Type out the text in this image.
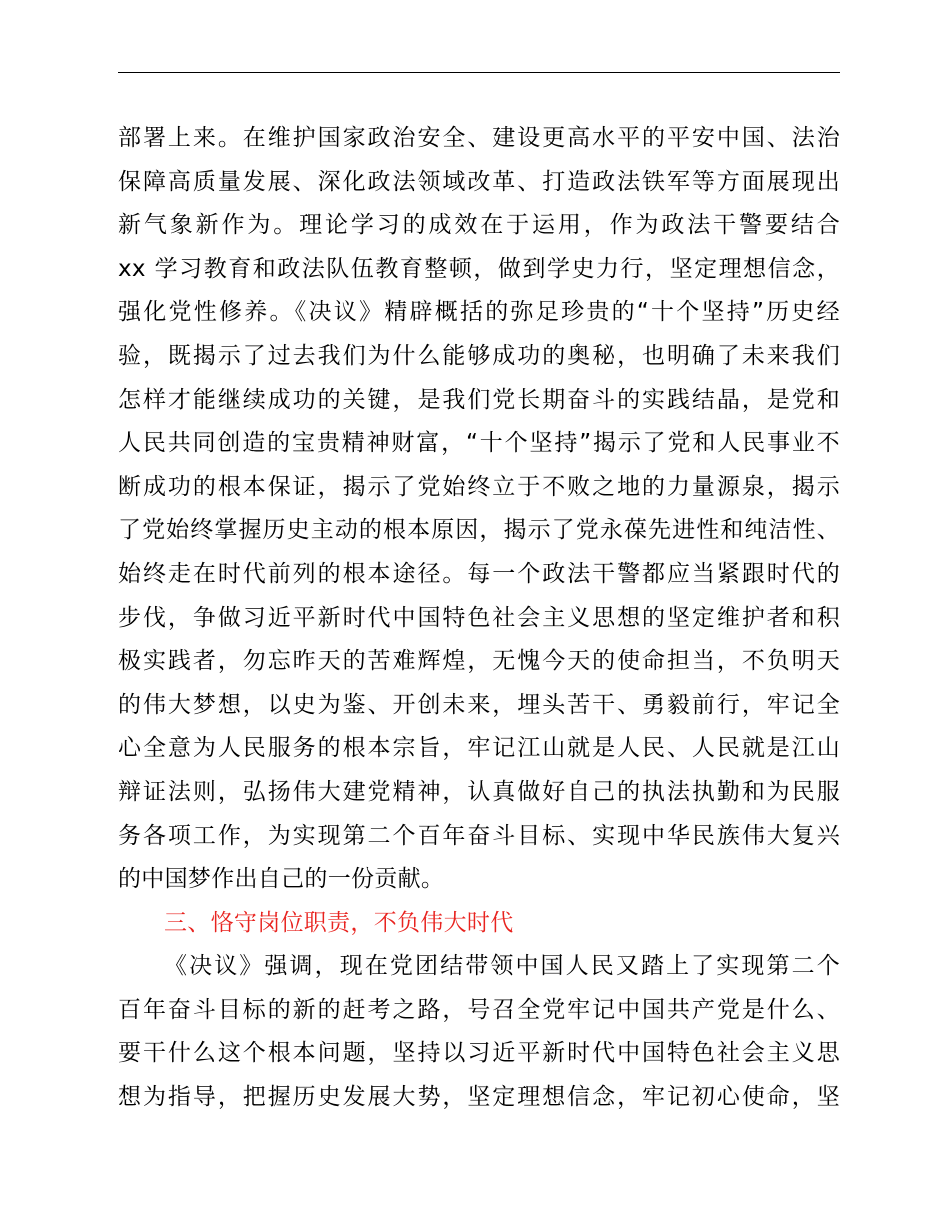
部署上来。在维护国家政治安全、建设更高水平的平安中国、法治
保障高质量发展、深化政法领域改革、打造政法铁军等方面展现出
新气象新作为。理论学习的成效在于运用，作为政法干警要结合
xx 学习教育和政法队伍教育整顿，做到学史力行，坚定理想信念，
强化党性修养。《决议》精辟概括的弥足珍贵的“十个坚持”历史经
验，既揭示了过去我们为什么能够成功的奥秘，也明确了未来我们
怎样才能继续成功的关键，是我们党长期奋斗的实践结晶，是党和
人民共同创造的宝贵精神财富，“十个坚持”揭示了党和人民事业不
断成功的根本保证，揭示了党始终立于不败之地的力量源泉，揭示
了党始终掌握历史主动的根本原因，揭示了党永葆先进性和纯洁性、
始终走在时代前列的根本途径。每一个政法干警都应当紧跟时代的
步伐，争做习近平新时代中国特色社会主义思想的坚定维护者和积
极实践者，勿忘昨天的苦难辉煌，无愧今天的使命担当，不负明天
的伟大梦想，以史为鉴、开创未来，埋头苦干、勇毅前行，牢记全
心全意为人民服务的根本宗旨，牢记江山就是人民、人民就是江山
辩证法则，弘扬伟大建党精神，认真做好自己的执法执勤和为民服
务各项工作，为实现第二个百年奋斗目标、实现中华民族伟大复兴
的中国梦作出自己的一份贡献。
三、恪守岗位职责，不负伟大时代
《决议》强调，现在党团结带领中国人民又踏上了实现第二个
百年奋斗目标的新的赶考之路，号召全党牢记中国共产党是什么、
要干什么这个根本问题，坚持以习近平新时代中国特色社会主义思
想为指导，把握历史发展大势，坚定理想信念，牢记初心使命，坚
